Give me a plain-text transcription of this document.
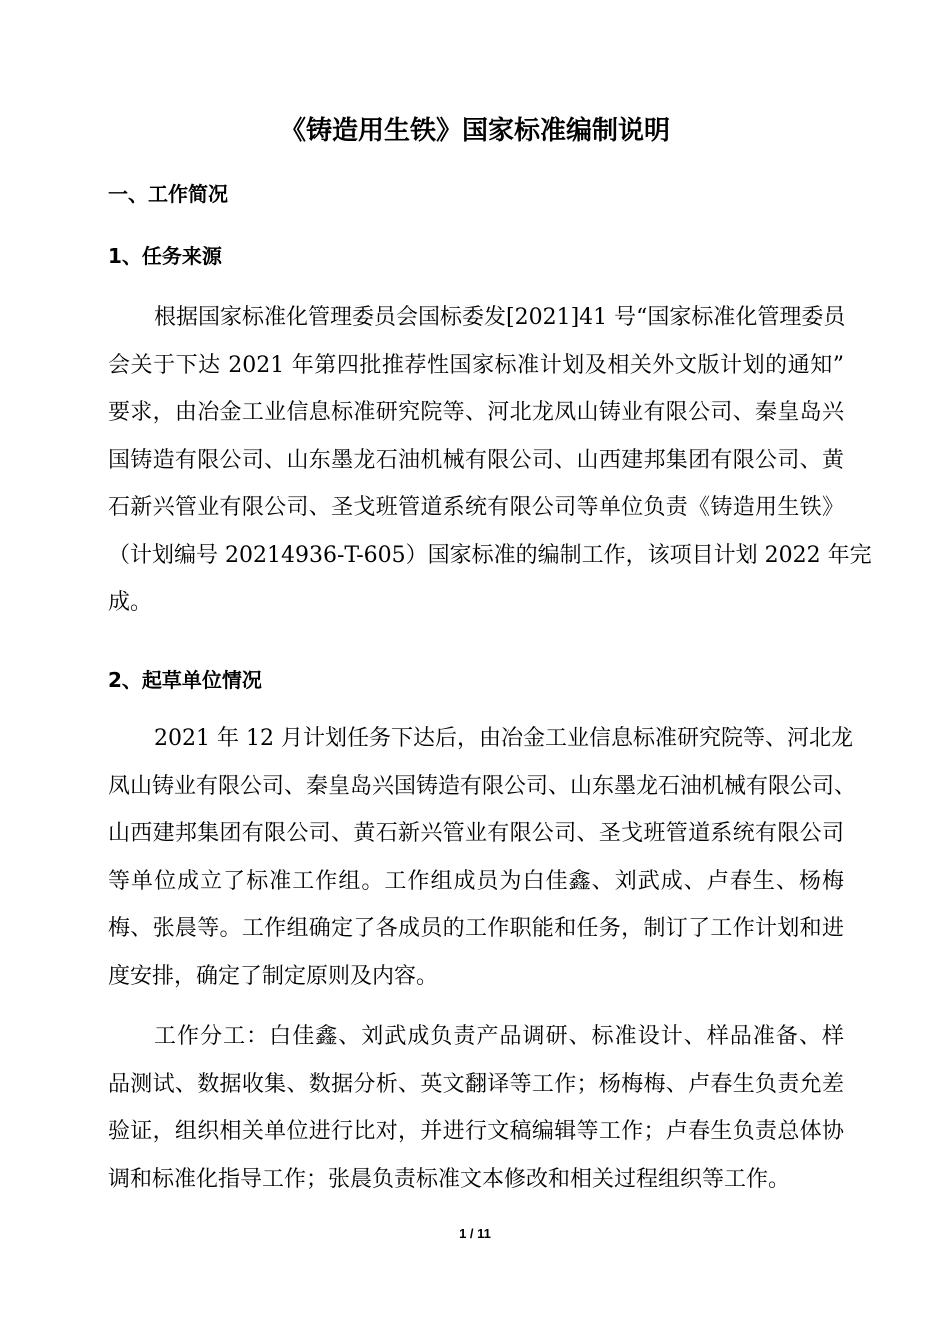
《铸造用生铁》国家标准编制说明
一、工作简况
1、任务来源
根据国家标准化管理委员会国标委发[2021]41 号“国家标准化管理委员
会关于下达 2021 年第四批推荐性国家标准计划及相关外文版计划的通知”
要求，由冶金工业信息标准研究院等、河北龙凤山铸业有限公司、秦皇岛兴
国铸造有限公司、山东墨龙石油机械有限公司、山西建邦集团有限公司、黄
石新兴管业有限公司、圣戈班管道系统有限公司等单位负责《铸造用生铁》
（计划编号 20214936-T-605）国家标准的编制工作，该项目计划 2022 年完
成。
2、起草单位情况
2021 年 12 月计划任务下达后，由冶金工业信息标准研究院等、河北龙
凤山铸业有限公司、秦皇岛兴国铸造有限公司、山东墨龙石油机械有限公司、
山西建邦集团有限公司、黄石新兴管业有限公司、圣戈班管道系统有限公司
等单位成立了标准工作组。工作组成员为白佳鑫、刘武成、卢春生、杨梅
梅、张晨等。工作组确定了各成员的工作职能和任务，制订了工作计划和进
度安排，确定了制定原则及内容。
工作分工：白佳鑫、刘武成负责产品调研、标准设计、样品准备、样
品测试、数据收集、数据分析、英文翻译等工作；杨梅梅、卢春生负责允差
验证，组织相关单位进行比对，并进行文稿编辑等工作；卢春生负责总体协
调和标准化指导工作；张晨负责标准文本修改和相关过程组织等工作。
1 / 11
